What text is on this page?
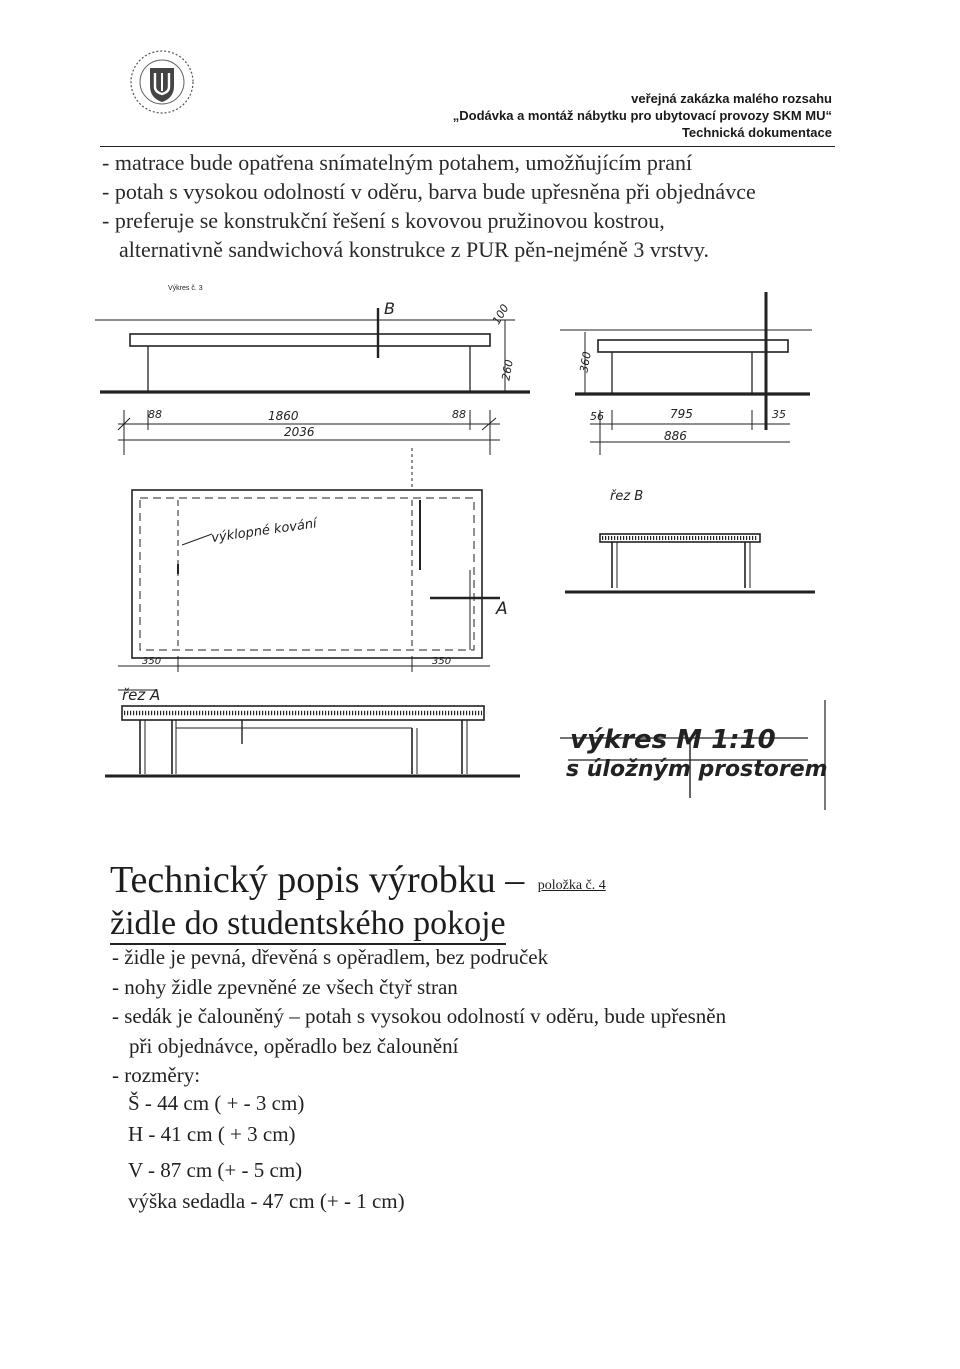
veřejná zakázka malého rozsahu
„Dodávka a montáž nábytku pro ubytovací provozy SKM MU“
Technická dokumentace
- matrace bude opatřena snímatelným potahem, umožňujícím praní
- potah s vysokou odolností v oděru, barva bude upřesněna při objednávce
- preferuje se konstrukční řešení s kovovou pružinovou kostrou,
alternativně sandwichová konstrukce z PUR pěn-nejméně 3 vrstvy.
Výkres č. 3
B	100
260	360
88	1860	88
2036
56	795	35
886
řez B
výklopné kování
A
350	350
řez A
výkres M 1:10
s úložným prostorem
Technický popis výrobku – položka č. 4
židle do studentského pokoje
- židle je pevná, dřevěná s opěradlem, bez područek
- nohy židle zpevněné ze všech čtyř stran
- sedák je čalouněný – potah s vysokou odolností v oděru, bude upřesněn
při objednávce, opěradlo bez čalounění
- rozměry:
Š - 44 cm ( + - 3 cm)
H - 41 cm ( + 3 cm)
V - 87 cm (+ - 5 cm)
výška sedadla - 47 cm (+ - 1 cm)
